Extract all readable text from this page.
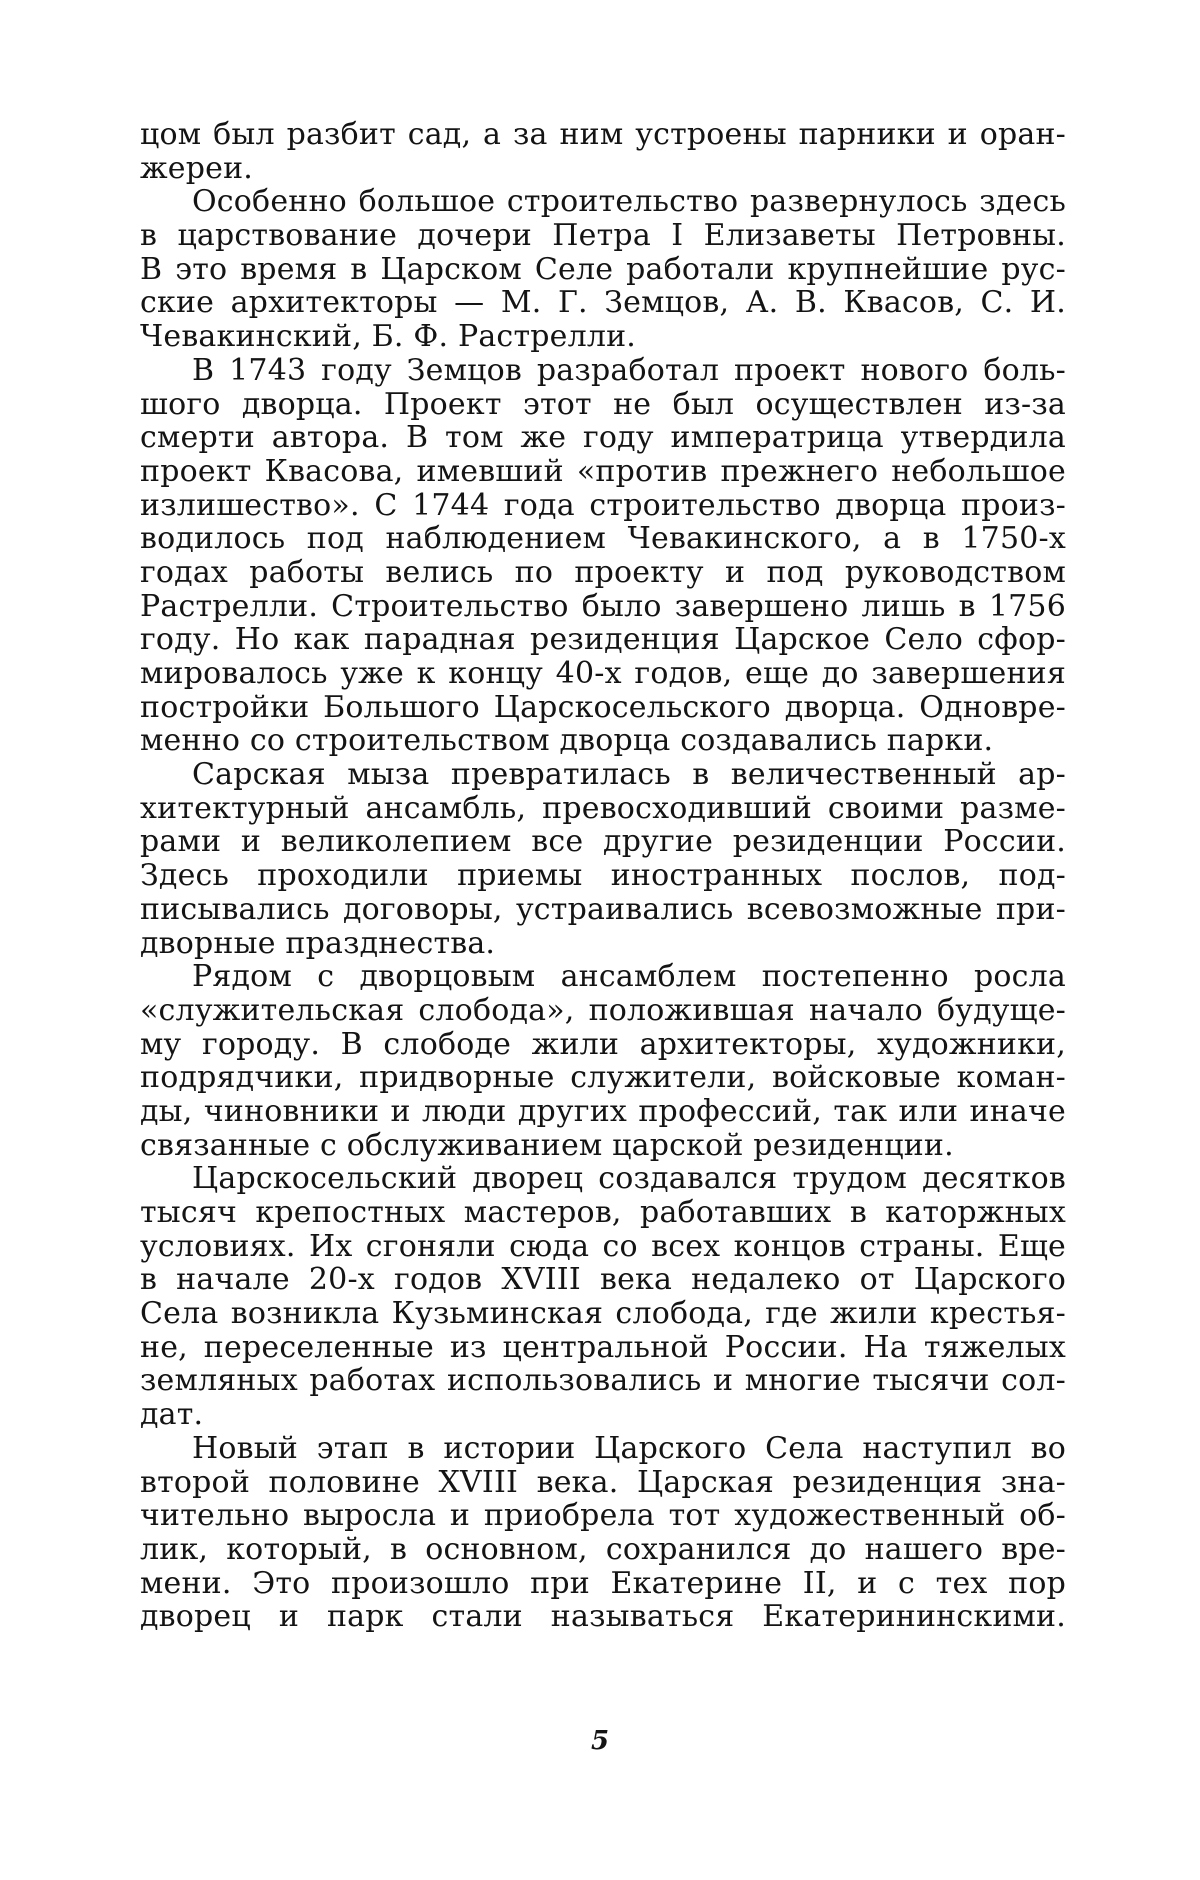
цом был разбит сад, а за ним устроены парники и оран-
жереи.
Особенно большое строительство развернулось здесь
в царствование дочери Петра I Елизаветы Петровны.
В это время в Царском Селе работали крупнейшие рус-
ские архитекторы — М. Г. Земцов, А. В. Квасов, С. И.
Чевакинский, Б. Ф. Растрелли.
В 1743 году Земцов разработал проект нового боль-
шого дворца. Проект этот не был осуществлен из-за
смерти автора. В том же году императрица утвердила
проект Квасова, имевший «против прежнего небольшое
излишество». С 1744 года строительство дворца произ-
водилось под наблюдением Чевакинского, а в 1750-х
годах работы велись по проекту и под руководством
Растрелли. Строительство было завершено лишь в 1756
году. Но как парадная резиденция Царское Село сфор-
мировалось уже к концу 40-х годов, еще до завершения
постройки Большого Царскосельского дворца. Одновре-
менно со строительством дворца создавались парки.
Сарская мыза превратилась в величественный ар-
хитектурный ансамбль, превосходивший своими разме-
рами и великолепием все другие резиденции России.
Здесь проходили приемы иностранных послов, под-
писывались договоры, устраивались всевозможные при-
дворные празднества.
Рядом с дворцовым ансамблем постепенно росла
«служительская слобода», положившая начало будуще-
му городу. В слободе жили архитекторы, художники,
подрядчики, придворные служители, войсковые коман-
ды, чиновники и люди других профессий, так или иначе
связанные с обслуживанием царской резиденции.
Царскосельский дворец создавался трудом десятков
тысяч крепостных мастеров, работавших в каторжных
условиях. Их сгоняли сюда со всех концов страны. Еще
в начале 20-х годов XVIII века недалеко от Царского
Села возникла Кузьминская слобода, где жили крестья-
не, переселенные из центральной России. На тяжелых
земляных работах использовались и многие тысячи сол-
дат.
Новый этап в истории Царского Села наступил во
второй половине XVIII века. Царская резиденция зна-
чительно выросла и приобрела тот художественный об-
лик, который, в основном, сохранился до нашего вре-
мени. Это произошло при Екатерине II, и с тех пор
дворец и парк стали называться Екатерининскими.
5
